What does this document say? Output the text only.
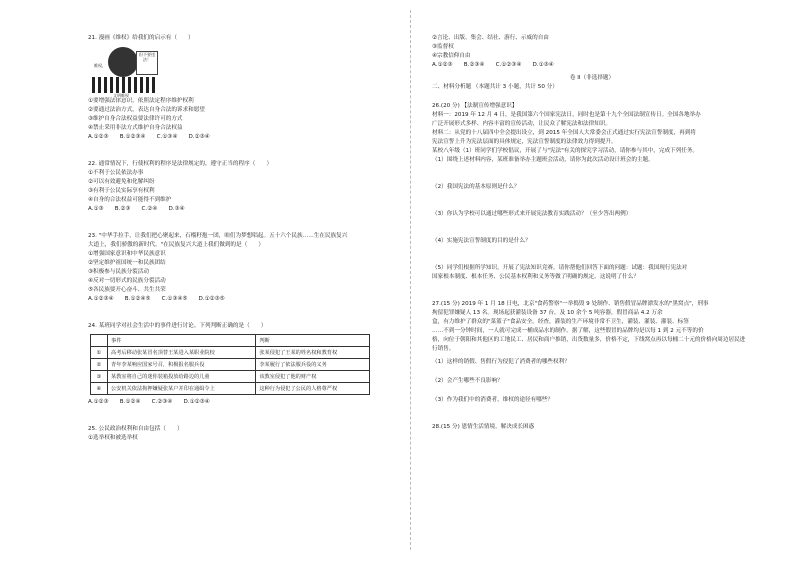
21. 漫画《维权》给我们的启示有（　　）
维权，
但不要违法！
$_{文明维权}$
①要增强法律意识，依照法定程序维护权利
②要通过法治方式，表达自身合法的诉求和愿望
③维护自身合法权益要法律许可的方式
④禁止采用非法方式维护自身合法权益
A.①②③　　B.①②③④　　C.①③④　　D.②③④
22. 通常情况下，行使权利的程序是法律规定的，遵守正当的程序（　　）
①不利于公民依法办事
②可以有效避免和化解纠纷
③有利于公民实际享有权利
④自身的合法权益可能得不到维护
A.①③　　B.②③　　C.②④　　D.③④
23. "中华手拉手，让我们把心聚起来，石榴籽抱一团，咱们为梦想唱起。五十六个民族……生在民族复兴
大道上，我们骄傲的新时代。"在民族复兴大道上我们做到的是（　　）
①增强国家意识和中华民族意识
②坚定维护祖国统一和民族团结
③积极参与民族分裂活动
④反对一切形式的民族分裂活动
⑤各民族要开心奋斗、共生共荣
A.①②③④　　B.①②④⑤　　C.①③④⑤　　D.①②③⑤
24. 某班同学对社会生活中的事件进行讨论。下列判断正确的是（　　）
	事件	判断
①	高考后移动张某冒名顶替王某进入某职业院校	张某侵犯了王某的姓名权和教育权
②	青年李某响应国家号召，积极报名服兵役	李某履行了依法服兵役的义务
③	某教室将自己的迷你装箱投放给路边的儿童	该教室侵犯了他的财产权
④	公安机关依法拘押嫌疑张某户并印在通缉令上	这种行为侵犯了公民的人格尊严权
A.①②③　　B.①②④　　C.②③④　　D.①②③④
25. 公民政治权利和自由包括（　　）
①选举权和被选举权
②言论、出版、集会、结社、游行、示威的自由
③监督权
④宗教信仰自由
A.①②③　　B.②③④　　C.①②③④　　D.①③④
卷 II（非选择题）
二、材料分析题 （本题共计 3 小题，共计 50 分）
26.(20 分) 【法制宣传增强意识】
材料一：2019 年 12 月 4 日，是我国第六个国家宪法日，同时也是第十九个全国法制宣传日。全国各地举办
广泛开展形式多样、内容丰富的宣传活动，让民众了解宪法和法律知识。
材料二：从党的十八届四中全会提出设立，到 2015 年全国人大常委会正式通过实行宪法宣誓制度，再到将
宪法宣誓上升为宪法层面的具体规定，宪法宣誓制度的法律效力得到提升。
某校八年级（1）班同学们学校倡议，开展了与"宪法"有关的探究学习活动，请你参与其中，完成下列任务。
（1）围绕上述材料内容，某班准备举办主题班会活动，请你为此次活动设计班会的主题。
（2）我国宪法的基本原则是什么？
（3）你认为学校可以通过哪些形式来开展宪法教育实践活动？（至少答出两例）
（4）实施宪法宣誓制度的目的是什么？
（5）同学们根据所学知识，开展了宪法知识竞赛。请你帮他们回答下面的问题：试题：我国现行宪法对
国家根本制度、根本任务、公民基本权利和义务等做了明确的规定。这说明了什么？
27.(15 分) 2019 年 1 月 18 日电，北京"食药警察"一举捣毁 9 处制作、销售假冒品牌漂发水的"黑窝点"，刑事
拘留犯罪嫌疑人 13 名。现场起获灌装设备 37 台，及 10 余个 5 吨容器，假冒商品 4.2 万余
盒，有力维护了群众的"菜篮子"食品安全。经查，灌装的生产环境非常不卫生，灌装、灌装、灌装、标签
……不到一分钟时间，一人就可完成一桶成品水的制作。据了解，这些假冒的品牌均是以每 1 到 2 元不等的价
格，向位于朝阳和其他区的工地民工、居民和商户推销，出货数量多，价格不定，下线窝点再以每桶二十元的价格向周边居民进
行销售。
（1）这样的销假、售假行为侵犯了消费者的哪些权利？
（2）会产生哪些不良影响？
（3）作为我们中的消费者，维权的途径有哪些？
28.(15 分) 恩情生活情境，解决成长困惑
